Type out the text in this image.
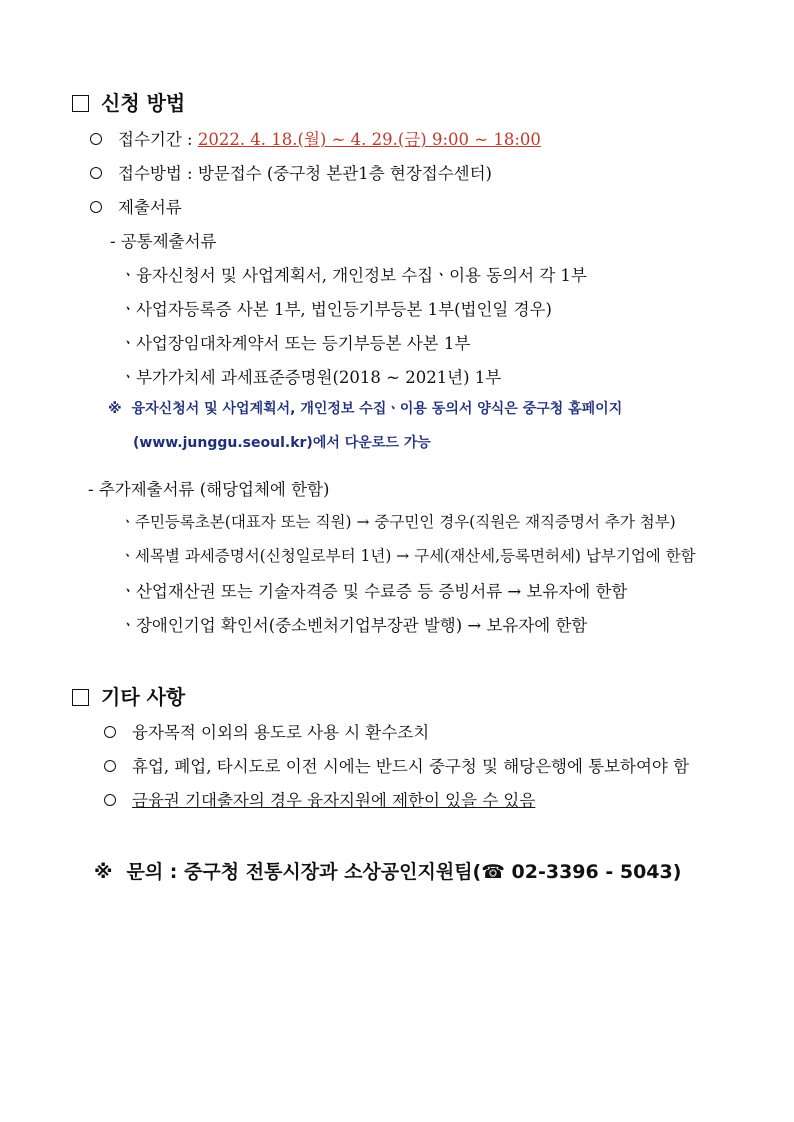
신청 방법
접수기간 : 2022. 4. 18.(월) ~ 4. 29.(금) 9:00 ~ 18:00
접수방법 : 방문접수 (중구청 본관1층 현장접수센터)
제출서류
- 공통제출서류
ㆍ융자신청서 및 사업계획서, 개인정보 수집ㆍ이용 동의서 각 1부
ㆍ사업자등록증 사본 1부, 법인등기부등본 1부(법인일 경우)
ㆍ사업장임대차계약서 또는 등기부등본 사본 1부
ㆍ부가가치세 과세표준증명원(2018 ~ 2021년) 1부
※ 융자신청서 및 사업계획서, 개인정보 수집ㆍ이용 동의서 양식은 중구청 홈페이지
(www.junggu.seoul.kr)에서 다운로드 가능
- 추가제출서류 (해당업체에 한함)
ㆍ주민등록초본(대표자 또는 직원) → 중구민인 경우(직원은 재직증명서 추가 첨부)
ㆍ세목별 과세증명서(신청일로부터 1년) → 구세(재산세,등록면허세) 납부기업에 한함
ㆍ산업재산권 또는 기술자격증 및 수료증 등 증빙서류 → 보유자에 한함
ㆍ장애인기업 확인서(중소벤처기업부장관 발행) → 보유자에 한함
기타 사항
융자목적 이외의 용도로 사용 시 환수조치
휴업, 폐업, 타시도로 이전 시에는 반드시 중구청 및 해당은행에 통보하여야 함
금융권 기대출자의 경우 융자지원에 제한이 있을 수 있음
※ 문의 : 중구청 전통시장과 소상공인지원팀(☎ 02-3396 - 5043)
